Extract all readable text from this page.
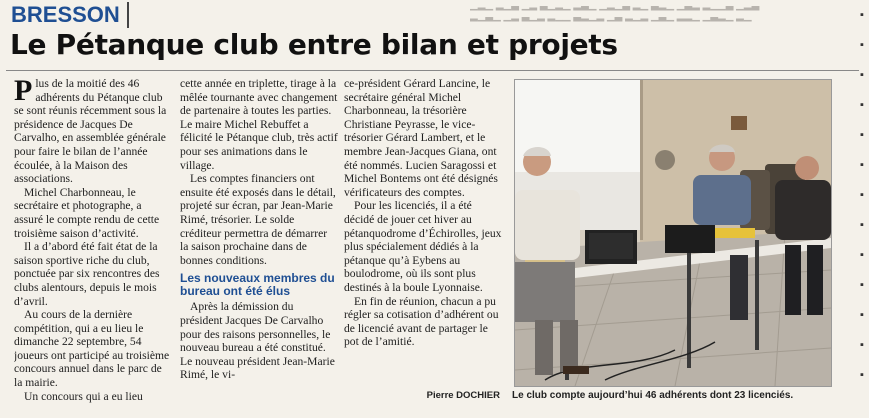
▁▂▁ ▂▁▃ ▁▂ ▃▁▂▁ ▂▃▁ ▁▂▁▃ ▂▁ ▃▂▁ ▁▃▂ ▂▁▁▃ ▁▂▃
▂▁▃▁ ▁▂ ▃▁▂ ▂▁▁ ▃▂▁▂ ▁▃ ▂▁▂ ▁▃▁ ▂▂▁ ▁▃▂▁ ▂▁	▪
▪
▪
▪
▪
▪
▪
▪
▪
▪
▪
▪
▪
BRESSON
Le Pétanque club entre bilan et projets

Plus de la moitié des 46 adhérents du Pétanque club se sont réunis récemment sous la présidence de Jacques De Carvalho, en assemblée générale pour faire le bilan de l’année écoulée, à la Maison des associations.

Michel Charbonneau, le secrétaire et photographe, a assuré le compte rendu de cette troisième saison d’activité.

Il a d’abord été fait état de la saison sportive riche du club, ponctuée par six rencontres des clubs alentours, depuis le mois d’avril.

Au cours de la dernière compétition, qui a eu lieu le dimanche 22 septembre, 54 joueurs ont participé au troisième concours annuel dans le parc de la mairie.

Un concours qui a eu lieu

cette année en triplette, tirage à la mêlée tournante avec changement de partenaire à toutes les parties. Le maire Michel Rebuffet a félicité le Pétanque club, très actif pour ses animations dans le village.

Les comptes financiers ont ensuite été exposés dans le détail, projeté sur écran, par Jean-Marie Rimé, trésorier. Le solde créditeur permettra de démarrer la saison prochaine dans de bonnes conditions.

Les nouveaux membres du bureau ont été élus

Après la démission du président Jacques De Carvalho pour des raisons personnelles, le nouveau bureau a été constitué. Le nouveau président Jean-Marie Rimé, le vi-

ce-président Gérard Lancine, le secrétaire général Michel Charbonneau, la trésorière Christiane Peyrasse, le vice-trésorier Gérard Lambert, et le membre Jean-Jacques Giana, ont été nommés. Lucien Saragossi et Michel Bontems ont été désignés vérificateurs des comptes.

Pour les licenciés, il a été décidé de jouer cet hiver au pétanquodrome d’Échirolles, jeux plus spécialement dédiés à la pétanque qu’à Eybens au boulodrome, où ils sont plus destinés à la boule Lyonnaise.

En fin de réunion, chacun a pu régler sa cotisation d’adhérent ou de licencié avant de partager le pot de l’amitié.

Pierre DOCHIER Le club compte aujourd’hui 46 adhérents dont 23 licenciés.
